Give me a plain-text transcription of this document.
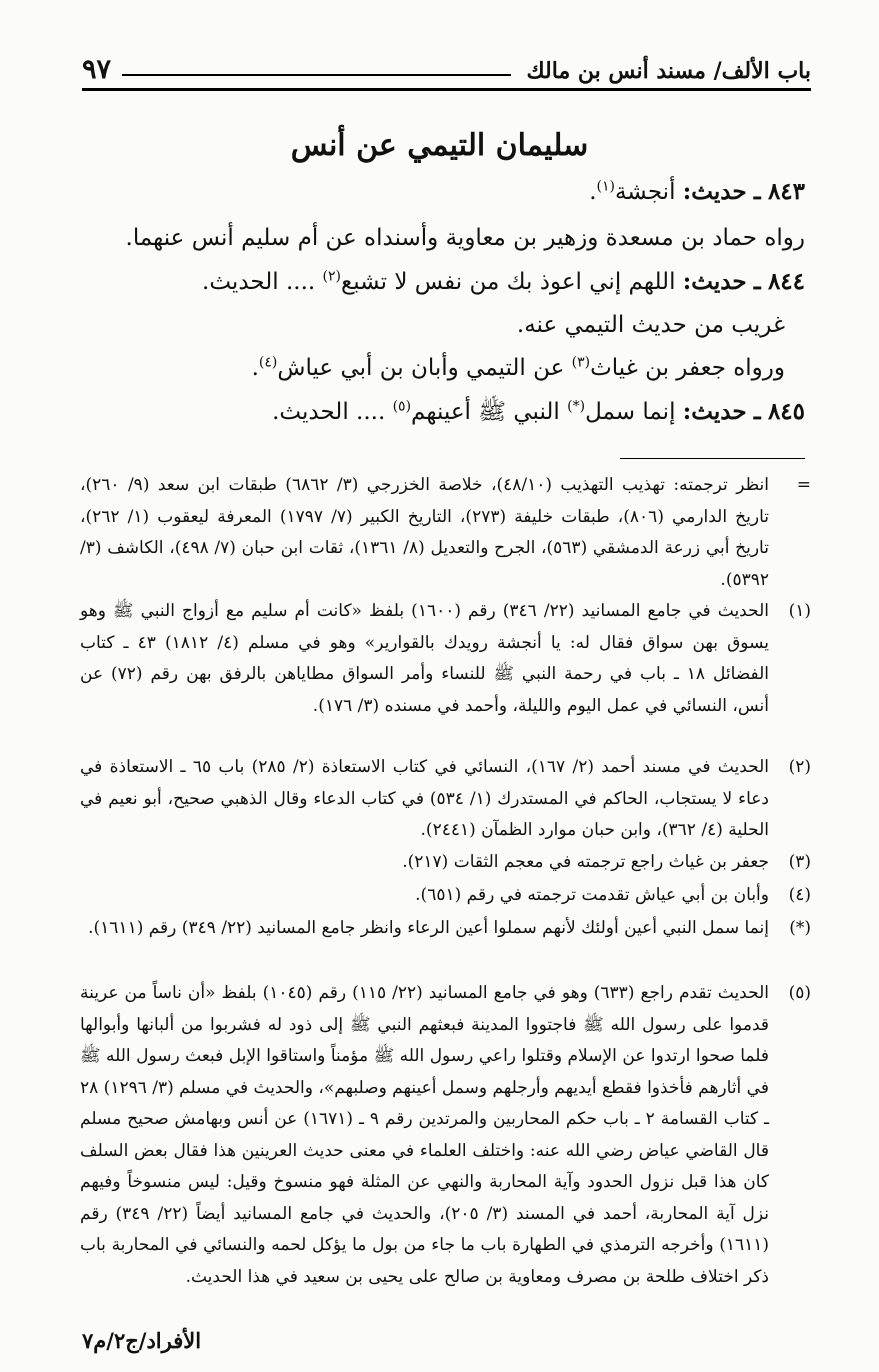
باب الألف/ مسند أنس بن مالك
٩٧
سليمان التيمي عن أنس
٨٤٣ ـ حديث: أنجشة$^{(١)}$.
رواه حماد بن مسعدة وزهير بن معاوية وأسنداه عن أم سليم أنس عنهما.
٨٤٤ ـ حديث: اللهم إني اعوذ بك من نفس لا تشبع$^{(٢)}$ .... الحديث.
غريب من حديث التيمي عنه.
ورواه جعفر بن غياث$^{(٣)}$ عن التيمي وأبان بن أبي عياش$^{(٤)}$.
٨٤٥ ـ حديث: إنما سمل(*) النبي ﷺ أعينهم$^{(٥)}$ .... الحديث.
=
انظر ترجمته: تهذيب التهذيب (٤٨/١٠)، خلاصة الخزرجي (٣/ ٦٨٦٢) طبقات ابن سعد (٩/ ٢٦٠)، تاريخ الدارمي (٨٠٦)، طبقات خليفة (٢٧٣)، التاريخ الكبير (٧/ ١٧٩٧) المعرفة ليعقوب (١/ ٢٦٢)، تاريخ أبي زرعة الدمشقي (٥٦٣)، الجرح والتعديل (٨/ ١٣٦١)، ثقات ابن حبان (٧/ ٤٩٨)، الكاشف (٣/ ٥٣٩٢).
(١)
الحديث في جامع المسانيد (٢٢/ ٣٤٦) رقم (١٦٠٠) بلفظ «كانت أم سليم مع أزواج النبي ﷺ وهو يسوق بهن سواق فقال له: يا أنجشة رويدك بالقوارير» وهو في مسلم (٤/ ١٨١٢) ٤٣ ـ كتاب الفضائل ١٨ ـ باب في رحمة النبي ﷺ للنساء وأمر السواق مطاياهن بالرفق بهن رقم (٧٢) عن أنس، النسائي في عمل اليوم والليلة، وأحمد في مسنده (٣/ ١٧٦).
(٢)
الحديث في مسند أحمد (٢/ ١٦٧)، النسائي في كتاب الاستعاذة (٢/ ٢٨٥) باب ٦٥ ـ الاستعاذة في دعاء لا يستجاب، الحاكم في المستدرك (١/ ٥٣٤) في كتاب الدعاء وقال الذهبي صحيح، أبو نعيم في الحلية (٤/ ٣٦٢)، وابن حبان موارد الظمآن (٢٤٤١).
(٣)
جعفر بن غياث راجع ترجمته في معجم الثقات (٢١٧).
(٤)
وأبان بن أبي عياش تقدمت ترجمته في رقم (٦٥١).
(*)
إنما سمل النبي أعين أولئك لأنهم سملوا أعين الرعاء وانظر جامع المسانيد (٢٢/ ٣٤٩) رقم (١٦١١).
(٥)
الحديث تقدم راجع (٦٣٣) وهو في جامع المسانيد (٢٢/ ١١٥) رقم (١٠٤٥) بلفظ «أن ناساً من عرينة قدموا على رسول الله ﷺ فاجتووا المدينة فبعثهم النبي ﷺ إلى ذود له فشربوا من ألبانها وأبوالها فلما صحوا ارتدوا عن الإسلام وقتلوا راعي رسول الله ﷺ مؤمناً واستاقوا الإبل فبعث رسول الله ﷺ في أثارهم فأخذوا فقطع أيديهم وأرجلهم وسمل أعينهم وصلبهم»، والحديث في مسلم (٣/ ١٢٩٦) ٢٨ ـ كتاب القسامة ٢ ـ باب حكم المحاربين والمرتدين رقم ٩ ـ (١٦٧١) عن أنس وبهامش صحيح مسلم قال القاضي عياض رضي الله عنه: واختلف العلماء في معنى حديث العرينين هذا فقال بعض السلف كان هذا قبل نزول الحدود وآية المحاربة والنهي عن المثلة فهو منسوخ وقيل: ليس منسوخاً وفيهم نزل آية المحاربة، أحمد في المسند (٣/ ٢٠٥)، والحديث في جامع المسانيد أيضاً (٢٢/ ٣٤٩) رقم (١٦١١) وأخرجه الترمذي في الطهارة باب ما جاء من بول ما يؤكل لحمه والنسائي في المحاربة باب ذكر اختلاف طلحة بن مصرف ومعاوية بن صالح على يحيى بن سعيد في هذا الحديث.
الأفراد/ج٢/م٧
